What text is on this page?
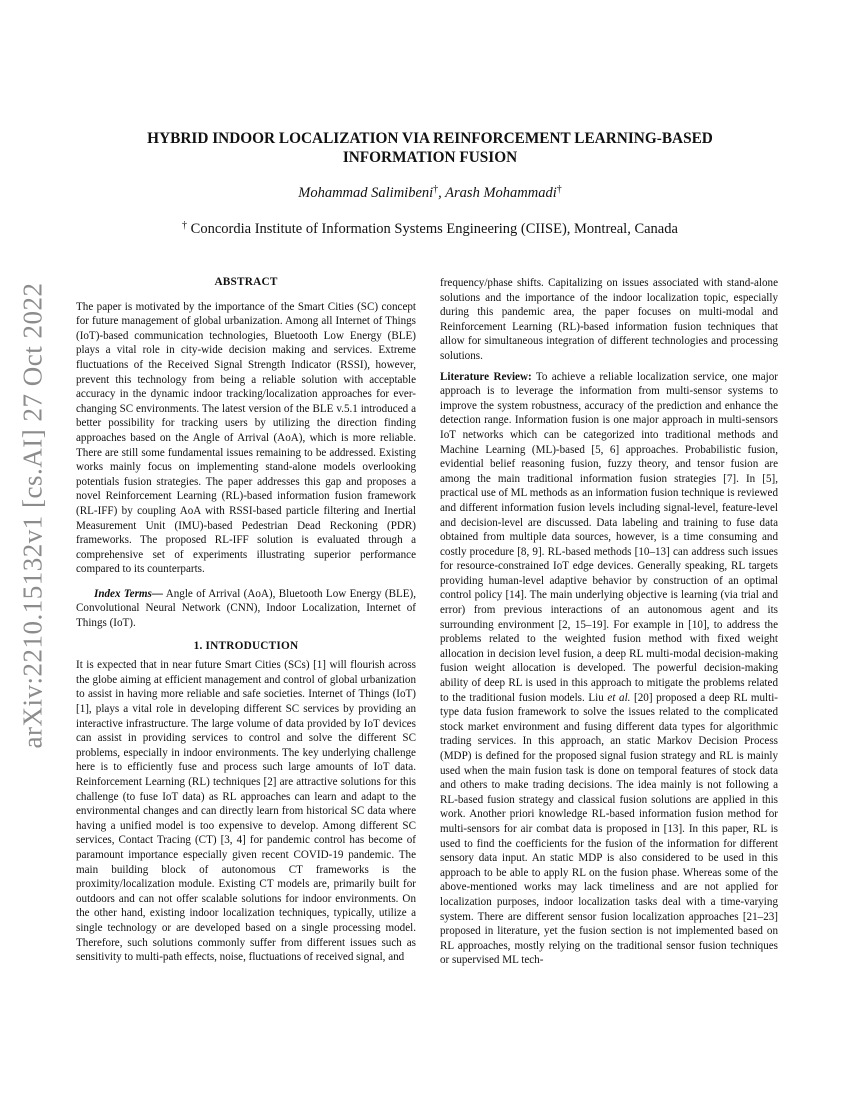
arXiv:2210.15132v1 [cs.AI] 27 Oct 2022
HYBRID INDOOR LOCALIZATION VIA REINFORCEMENT LEARNING-BASED INFORMATION FUSION

Mohammad Salimibeni†, Arash Mohammadi†

† Concordia Institute of Information Systems Engineering (CIISE), Montreal, Canada

ABSTRACT

The paper is motivated by the importance of the Smart Cities (SC) concept for future management of global urbanization. Among all Internet of Things (IoT)-based communication technologies, Bluetooth Low Energy (BLE) plays a vital role in city-wide decision making and services. Extreme fluctuations of the Received Signal Strength Indicator (RSSI), however, prevent this technology from being a reliable solution with acceptable accuracy in the dynamic indoor tracking/localization approaches for ever-changing SC environments. The latest version of the BLE v.5.1 introduced a better possibility for tracking users by utilizing the direction finding approaches based on the Angle of Arrival (AoA), which is more reliable. There are still some fundamental issues remaining to be addressed. Existing works mainly focus on implementing stand-alone models overlooking potentials fusion strategies. The paper addresses this gap and proposes a novel Reinforcement Learning (RL)-based information fusion framework (RL-IFF) by coupling AoA with RSSI-based particle filtering and Inertial Measurement Unit (IMU)-based Pedestrian Dead Reckoning (PDR) frameworks. The proposed RL-IFF solution is evaluated through a comprehensive set of experiments illustrating superior performance compared to its counterparts.

Index Terms— Angle of Arrival (AoA), Bluetooth Low Energy (BLE), Convolutional Neural Network (CNN), Indoor Localization, Internet of Things (IoT).

1. INTRODUCTION

It is expected that in near future Smart Cities (SCs) [1] will flourish across the globe aiming at efficient management and control of global urbanization to assist in having more reliable and safe societies. Internet of Things (IoT) [1], plays a vital role in developing different SC services by providing an interactive infrastructure. The large volume of data provided by IoT devices can assist in providing services to control and solve the different SC problems, especially in indoor environments. The key underlying challenge here is to efficiently fuse and process such large amounts of IoT data. Reinforcement Learning (RL) techniques [2] are attractive solutions for this challenge (to fuse IoT data) as RL approaches can learn and adapt to the environmental changes and can directly learn from historical SC data where having a unified model is too expensive to develop. Among different SC services, Contact Tracing (CT) [3, 4] for pandemic control has become of paramount importance especially given recent COVID-19 pandemic. The main building block of autonomous CT frameworks is the proximity/localization module. Existing CT models are, primarily built for outdoors and can not offer scalable solutions for indoor environments. On the other hand, existing indoor localization techniques, typically, utilize a single technology or are developed based on a single processing model. Therefore, such solutions commonly suffer from different issues such as sensitivity to multi-path effects, noise, fluctuations of received signal, and

frequency/phase shifts. Capitalizing on issues associated with stand-alone solutions and the importance of the indoor localization topic, especially during this pandemic area, the paper focuses on multi-modal and Reinforcement Learning (RL)-based information fusion techniques that allow for simultaneous integration of different technologies and processing solutions.

Literature Review: To achieve a reliable localization service, one major approach is to leverage the information from multi-sensor systems to improve the system robustness, accuracy of the prediction and enhance the detection range. Information fusion is one major approach in multi-sensors IoT networks which can be categorized into traditional methods and Machine Learning (ML)-based [5, 6] approaches. Probabilistic fusion, evidential belief reasoning fusion, fuzzy theory, and tensor fusion are among the main traditional information fusion strategies [7]. In [5], practical use of ML methods as an information fusion technique is reviewed and different information fusion levels including signal-level, feature-level and decision-level are discussed. Data labeling and training to fuse data obtained from multiple data sources, however, is a time consuming and costly procedure [8, 9]. RL-based methods [10–13] can address such issues for resource-constrained IoT edge devices. Generally speaking, RL targets providing human-level adaptive behavior by construction of an optimal control policy [14]. The main underlying objective is learning (via trial and error) from previous interactions of an autonomous agent and its surrounding environment [2, 15–19]. For example in [10], to address the problems related to the weighted fusion method with fixed weight allocation in decision level fusion, a deep RL multi-modal decision-making fusion weight allocation is developed. The powerful decision-making ability of deep RL is used in this approach to mitigate the problems related to the traditional fusion models. Liu et al. [20] proposed a deep RL multi-type data fusion framework to solve the issues related to the complicated stock market environment and fusing different data types for algorithmic trading services. In this approach, an static Markov Decision Process (MDP) is defined for the proposed signal fusion strategy and RL is mainly used when the main fusion task is done on temporal features of stock data and others to make trading decisions. The idea mainly is not following a RL-based fusion strategy and classical fusion solutions are applied in this work. Another priori knowledge RL-based information fusion method for multi-sensors for air combat data is proposed in [13]. In this paper, RL is used to find the coefficients for the fusion of the information for different sensory data input. An static MDP is also considered to be used in this approach to be able to apply RL on the fusion phase. Whereas some of the above-mentioned works may lack timeliness and are not applied for localization purposes, indoor localization tasks deal with a time-varying system. There are different sensor fusion localization approaches [21–23] proposed in literature, yet the fusion section is not implemented based on RL approaches, mostly relying on the traditional sensor fusion techniques or supervised ML tech-
